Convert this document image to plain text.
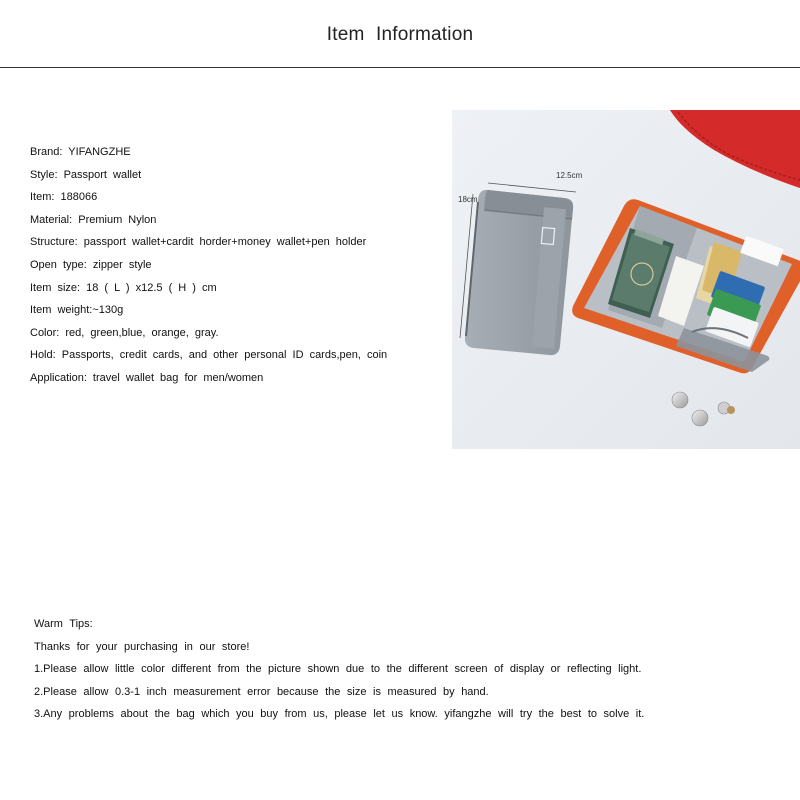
Item Information
Brand: YIFANGZHE
Style: Passport wallet
Item: 188066
Material: Premium Nylon
Structure: passport wallet+cardit horder+money wallet+pen holder
Open type: zipper style
Item size: 18 ( L ) x12.5 ( H ) cm
Item weight:~130g
Color: red, green,blue, orange, gray.
Hold: Passports, credit cards, and other personal ID cards,pen, coin
Application: travel wallet bag for men/women
12.5cm
18cm
Warm Tips:
Thanks for your purchasing in our store!
1.Please allow little color different from the picture shown due to the different screen of display or reflecting light.
2.Please allow 0.3-1 inch measurement error because the size is measured by hand.
3.Any problems about the bag which you buy from us, please let us know. yifangzhe will try the best to solve it.
